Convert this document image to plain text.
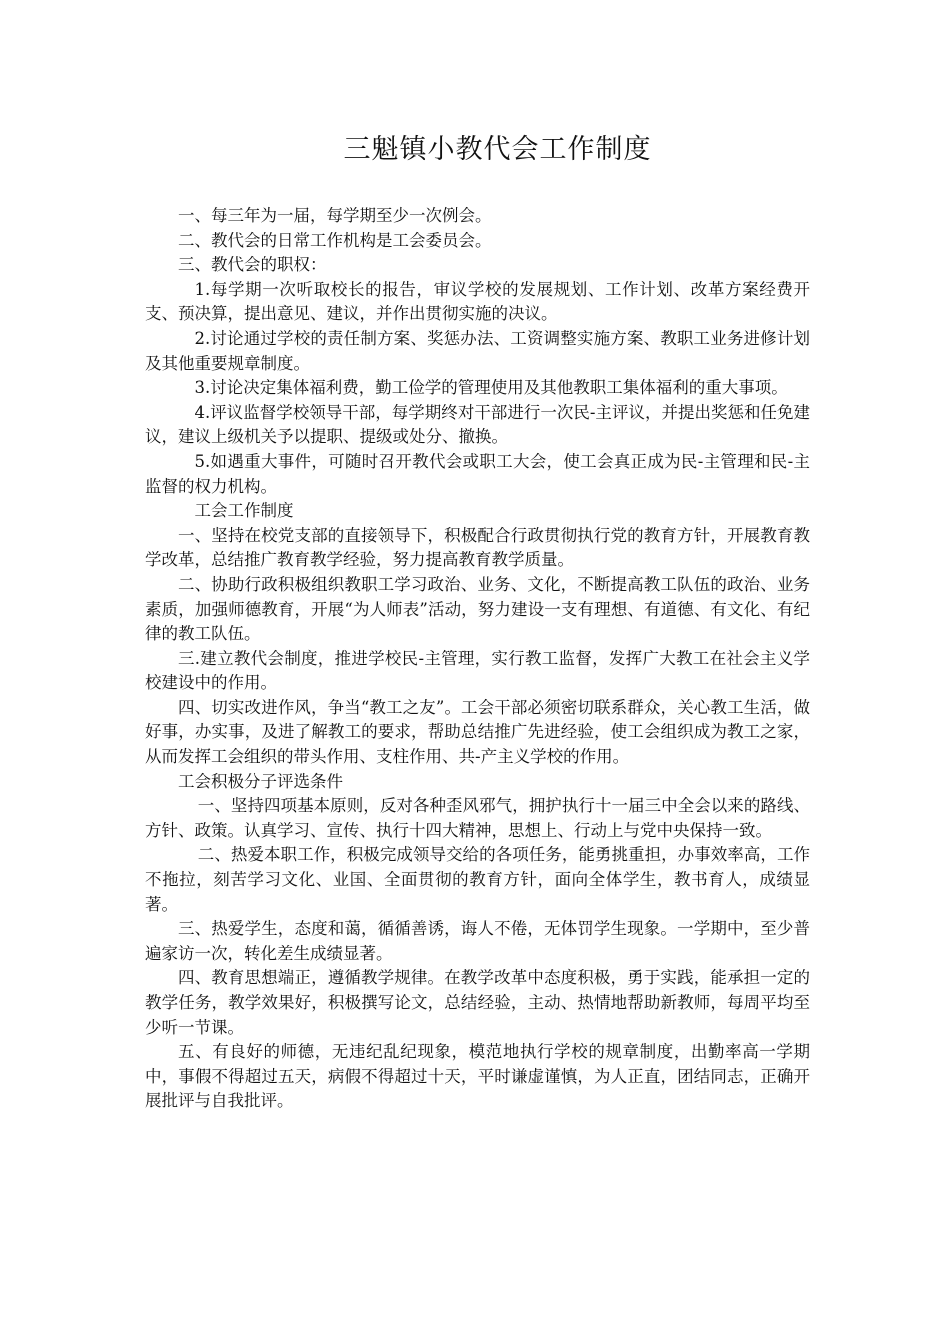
三魁镇小教代会工作制度

一、每三年为一届，每学期至少一次例会。

二、教代会的日常工作机构是工会委员会。

三、教代会的职权：

1.每学期一次听取校长的报告，审议学校的发展规划、工作计划、改革方案经费开支、预决算，提出意见、建议，并作出贯彻实施的决议。

2.讨论通过学校的责任制方案、奖惩办法、工资调整实施方案、教职工业务进修计划及其他重要规章制度。

3.讨论决定集体福利费，勤工俭学的管理使用及其他教职工集体福利的重大事项。

4.评议监督学校领导干部，每学期终对干部进行一次民-主评议，并提出奖惩和任免建议，建议上级机关予以提职、提级或处分、撤换。

5.如遇重大事件，可随时召开教代会或职工大会，使工会真正成为民-主管理和民-主监督的权力机构。

工会工作制度

一、坚持在校党支部的直接领导下，积极配合行政贯彻执行党的教育方针，开展教育教学改革，总结推广教育教学经验，努力提高教育教学质量。

二、协助行政积极组织教职工学习政治、业务、文化，不断提高教工队伍的政治、业务素质，加强师德教育，开展“为人师表”活动，努力建设一支有理想、有道德、有文化、有纪律的教工队伍。

三.建立教代会制度，推进学校民-主管理，实行教工监督，发挥广大教工在社会主义学校建设中的作用。

四、切实改进作风，争当“教工之友”。工会干部必须密切联系群众，关心教工生活，做好事，办实事，及进了解教工的要求，帮助总结推广先进经验，使工会组织成为教工之家，从而发挥工会组织的带头作用、支柱作用、共-产主义学校的作用。

工会积极分子评选条件

一、坚持四项基本原则，反对各种歪风邪气，拥护执行十一届三中全会以来的路线、方针、政策。认真学习、宣传、执行十四大精神，思想上、行动上与党中央保持一致。

二、热爱本职工作，积极完成领导交给的各项任务，能勇挑重担，办事效率高，工作不拖拉，刻苦学习文化、业国、全面贯彻的教育方针，面向全体学生，教书育人，成绩显著。

三、热爱学生，态度和蔼，循循善诱，诲人不倦，无体罚学生现象。一学期中，至少普遍家访一次，转化差生成绩显著。

四、教育思想端正，遵循教学规律。在教学改革中态度积极，勇于实践，能承担一定的教学任务，教学效果好，积极撰写论文，总结经验，主动、热情地帮助新教师，每周平均至少听一节课。

五、有良好的师德，无违纪乱纪现象，模范地执行学校的规章制度，出勤率高一学期中，事假不得超过五天，病假不得超过十天，平时谦虚谨慎，为人正直，团结同志，正确开展批评与自我批评。
